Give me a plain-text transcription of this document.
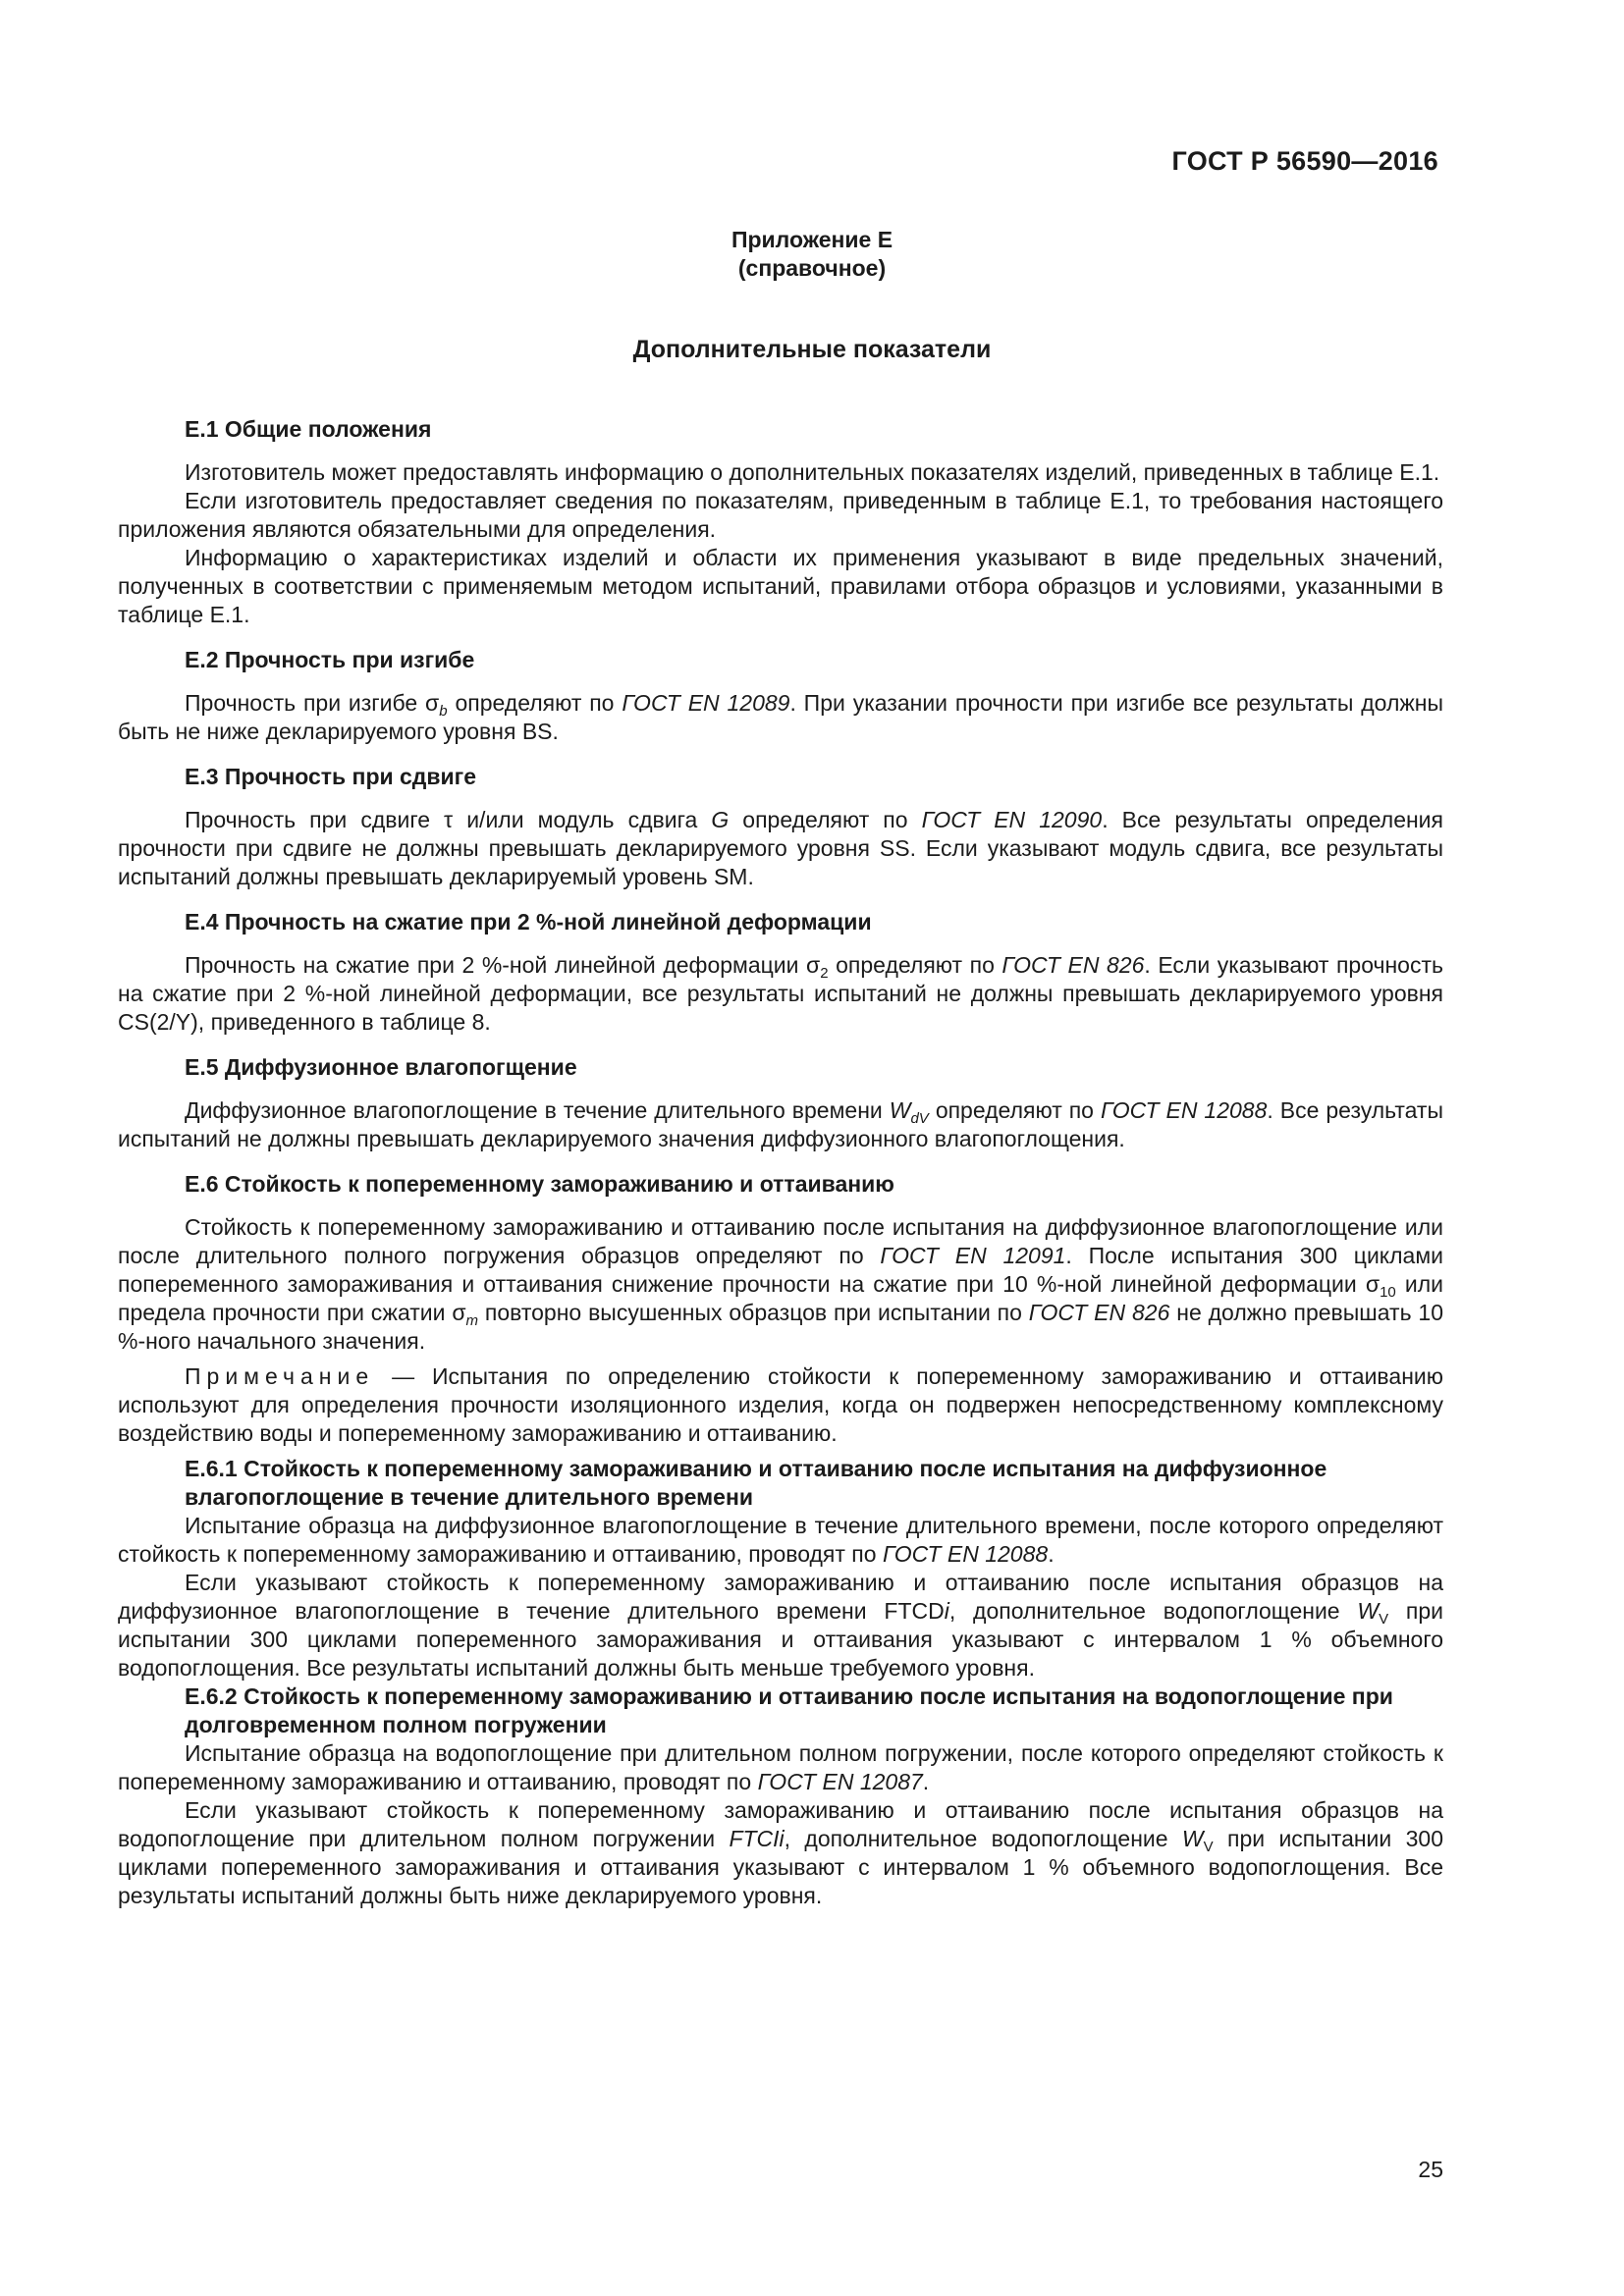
ГОСТ Р 56590—2016
Приложение Е
(справочное)
Дополнительные показатели
Е.1 Общие положения

Изготовитель может предоставлять информацию о дополнительных показателях изделий, приведенных в таблице Е.1.

Если изготовитель предоставляет сведения по показателям, приведенным в таблице Е.1, то требования настоящего приложения являются обязательными для определения.

Информацию о характеристиках изделий и области их применения указывают в виде предельных значений, полученных в соответствии с применяемым методом испытаний, правилами отбора образцов и условиями, указанными в таблице Е.1.

Е.2 Прочность при изгибе

Прочность при изгибе $\sigma_b$ определяют по ГОСТ EN 12089. При указании прочности при изгибе все результаты должны быть не ниже декларируемого уровня BS.

Е.3 Прочность при сдвиге

Прочность при сдвиге τ и/или модуль сдвига G определяют по ГОСТ EN 12090. Все результаты определения прочности при сдвиге не должны превышать декларируемого уровня SS. Если указывают модуль сдвига, все результаты испытаний должны превышать декларируемый уровень SM.

Е.4 Прочность на сжатие при 2 %-ной линейной деформации

Прочность на сжатие при 2 %-ной линейной деформации $\sigma_2$ определяют по ГОСТ EN 826. Если указывают прочность на сжатие при 2 %-ной линейной деформации, все результаты испытаний не должны превышать декларируемого уровня CS(2/Y), приведенного в таблице 8.

Е.5 Диффузионное влагопогщение

Диффузионное влагопоглощение в течение длительного времени $W_{dV}$ определяют по ГОСТ EN 12088. Все результаты испытаний не должны превышать декларируемого значения диффузионного влагопоглощения.

Е.6 Стойкость к попеременному замораживанию и оттаиванию

Стойкость к попеременному замораживанию и оттаиванию после испытания на диффузионное влагопоглощение или после длительного полного погружения образцов определяют по ГОСТ EN 12091. После испытания 300 циклами попеременного замораживания и оттаивания снижение прочности на сжатие при 10 %-ной линейной деформации $\sigma_{10}$ или предела прочности при сжатии $\sigma_m$ повторно высушенных образцов при испытании по ГОСТ EN 826 не должно превышать 10 %-ного начального значения.

Примечание — Испытания по определению стойкости к попеременному замораживанию и оттаиванию используют для определения прочности изоляционного изделия, когда он подвержен непосредственному комплексному воздействию воды и попеременному замораживанию и оттаиванию.

Е.6.1 Стойкость к попеременному замораживанию и оттаиванию после испытания на диффузионное влагопоглощение в течение длительного времени

Испытание образца на диффузионное влагопоглощение в течение длительного времени, после которого определяют стойкость к попеременному замораживанию и оттаиванию, проводят по ГОСТ EN 12088.

Если указывают стойкость к попеременному замораживанию и оттаиванию после испытания образцов на диффузионное влагопоглощение в течение длительного времени FTCDi, дополнительное водопоглощение $W_V$ при испытании 300 циклами попеременного замораживания и оттаивания указывают с интервалом 1 % объемного водопоглощения. Все результаты испытаний должны быть меньше требуемого уровня.

Е.6.2 Стойкость к попеременному замораживанию и оттаиванию после испытания на водопоглощение при долговременном полном погружении

Испытание образца на водопоглощение при длительном полном погружении, после которого определяют стойкость к попеременному замораживанию и оттаиванию, проводят по ГОСТ EN 12087.

Если указывают стойкость к попеременному замораживанию и оттаиванию после испытания образцов на водопоглощение при длительном полном погружении FTCIi, дополнительное водопоглощение $W_V$ при испытании 300 циклами попеременного замораживания и оттаивания указывают с интервалом 1 % объемного водопоглощения. Все результаты испытаний должны быть ниже декларируемого уровня.

25
